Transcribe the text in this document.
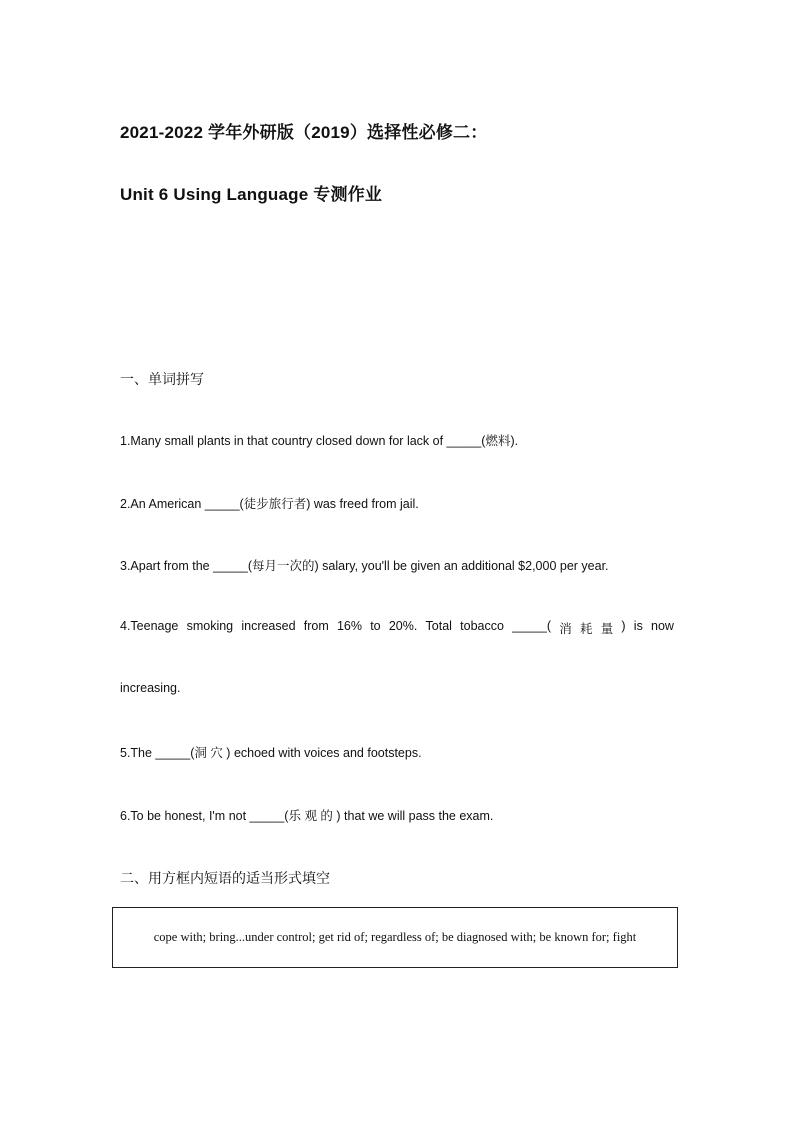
2021-2022 学年外研版（2019）选择性必修二：
Unit 6 Using Language 专测作业
一、单词拼写
1.Many small plants in that country closed down for lack of _____(燃料).
2.An American _____(徒步旅行者) was freed from jail.
3.Apart from the _____(每月一次的) salary, you'll be given an additional $2,000 per year.
4.Teenage smoking increased from 16% to 20%. Total tobacco _____( 消 耗 量 ) is now
increasing.
5.The _____(洞 穴 ) echoed with voices and footsteps.
6.To be honest, I'm not _____(乐 观 的 ) that we will pass the exam.
二、用方框内短语的适当形式填空
cope with; bring...under control; get rid of; regardless of; be diagnosed with; be known for; fight
